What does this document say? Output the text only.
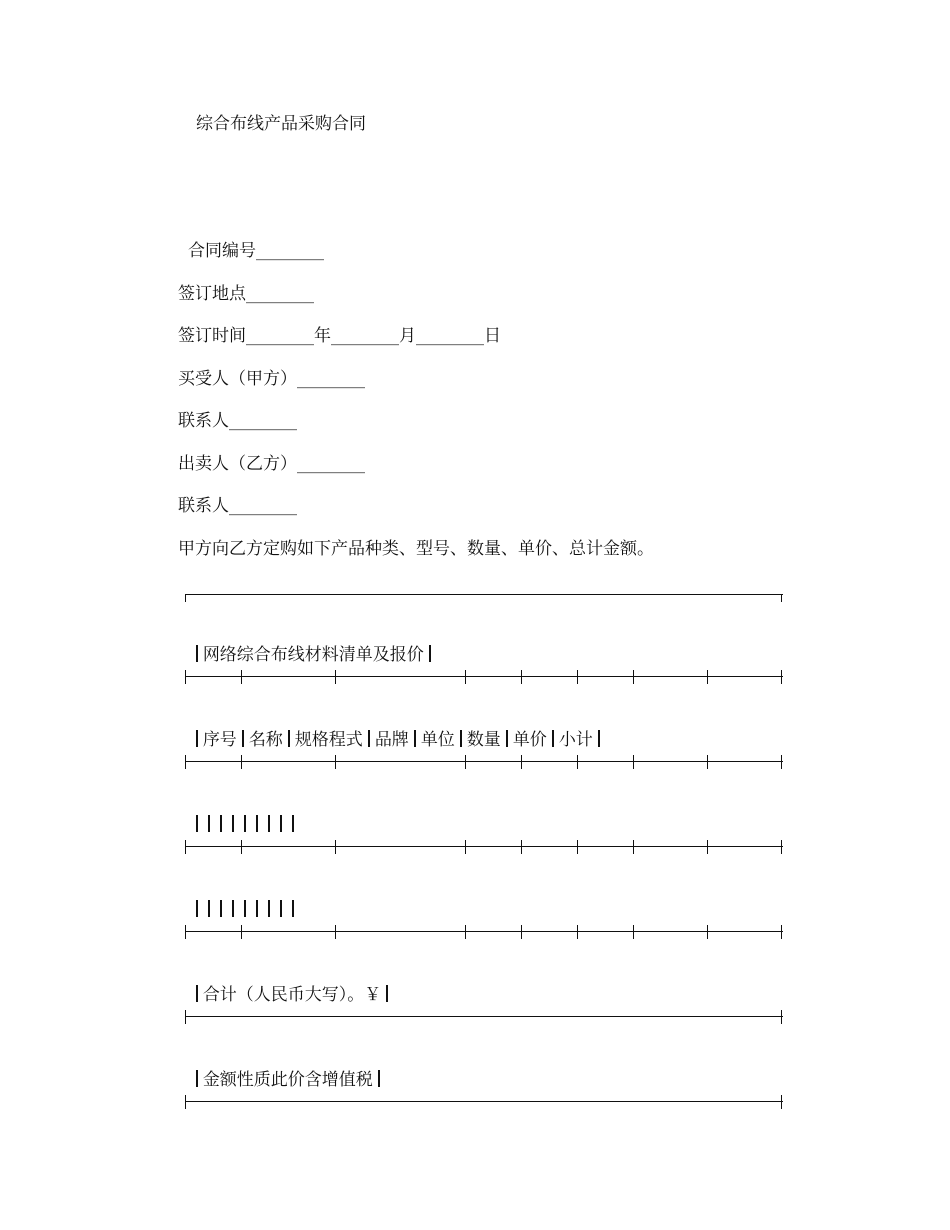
综合布线产品采购合同
合同编号________
签订地点________
签订时间________年________月________日
买受人（甲方）________
联系人________
出卖人（乙方）________
联系人________
甲方向乙方定购如下产品种类、型号、数量、单价、总计金额。

网络综合布线材料清单及报价

序号 名称 规格程式 品牌 单位 数量 单价 小计

合计（人民币大写）。￥

金额性质此价含增值税
